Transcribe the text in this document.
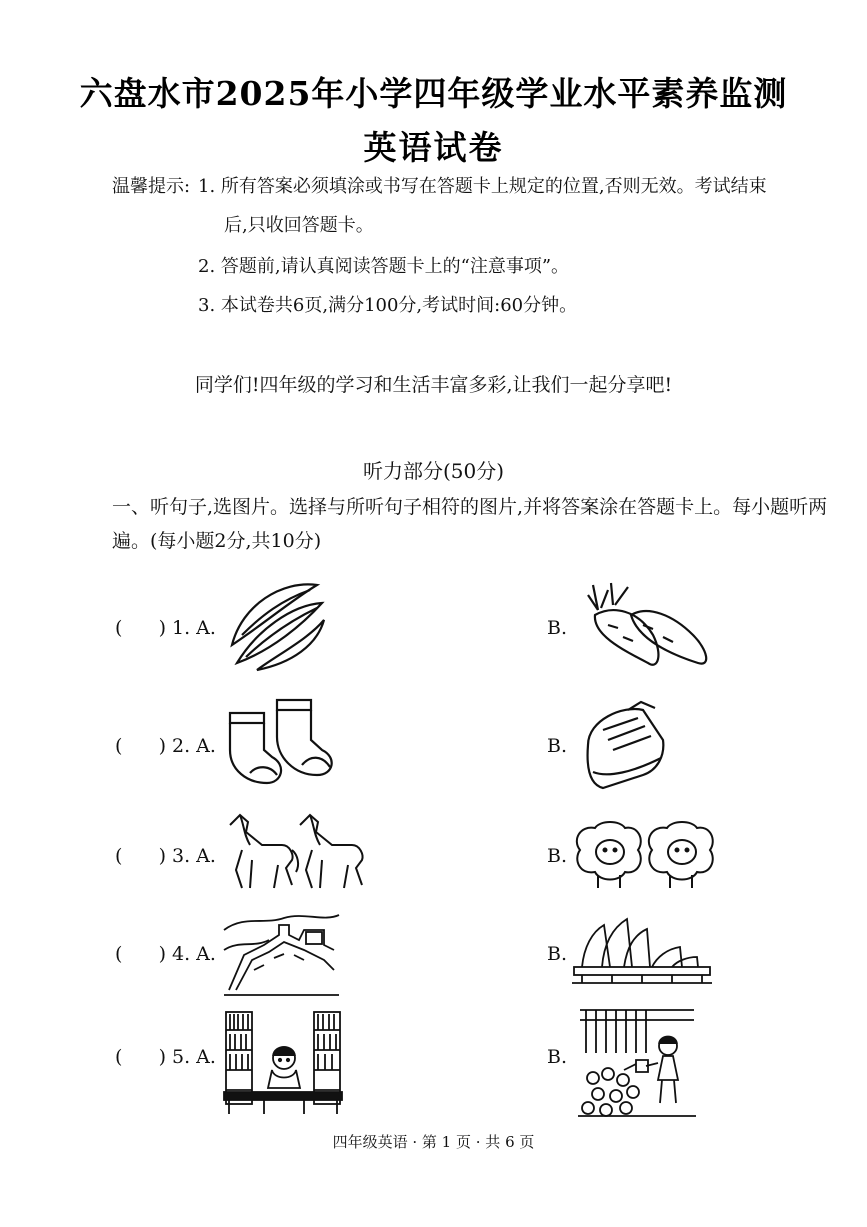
六盘水市2025年小学四年级学业水平素养监测
英语试卷
温馨提示: 1. 所有答案必须填涂或书写在答题卡上规定的位置,否则无效。考试结束
后,只收回答题卡。
2. 答题前,请认真阅读答题卡上的“注意事项”。
3. 本试卷共6页,满分100分,考试时间:60分钟。
同学们!四年级的学习和生活丰富多彩,让我们一起分享吧!
听力部分(50分)
一、听句子,选图片。选择与所听句子相符的图片,并将答案涂在答题卡上。每小题听两遍。(每小题2分,共10分)
(      ) 1. A.	B.
(      ) 2. A.	B.
(      ) 3. A.	B.
(      ) 4. A.	B.
(      ) 5. A.	B.
四年级英语 · 第 1 页 · 共 6 页
